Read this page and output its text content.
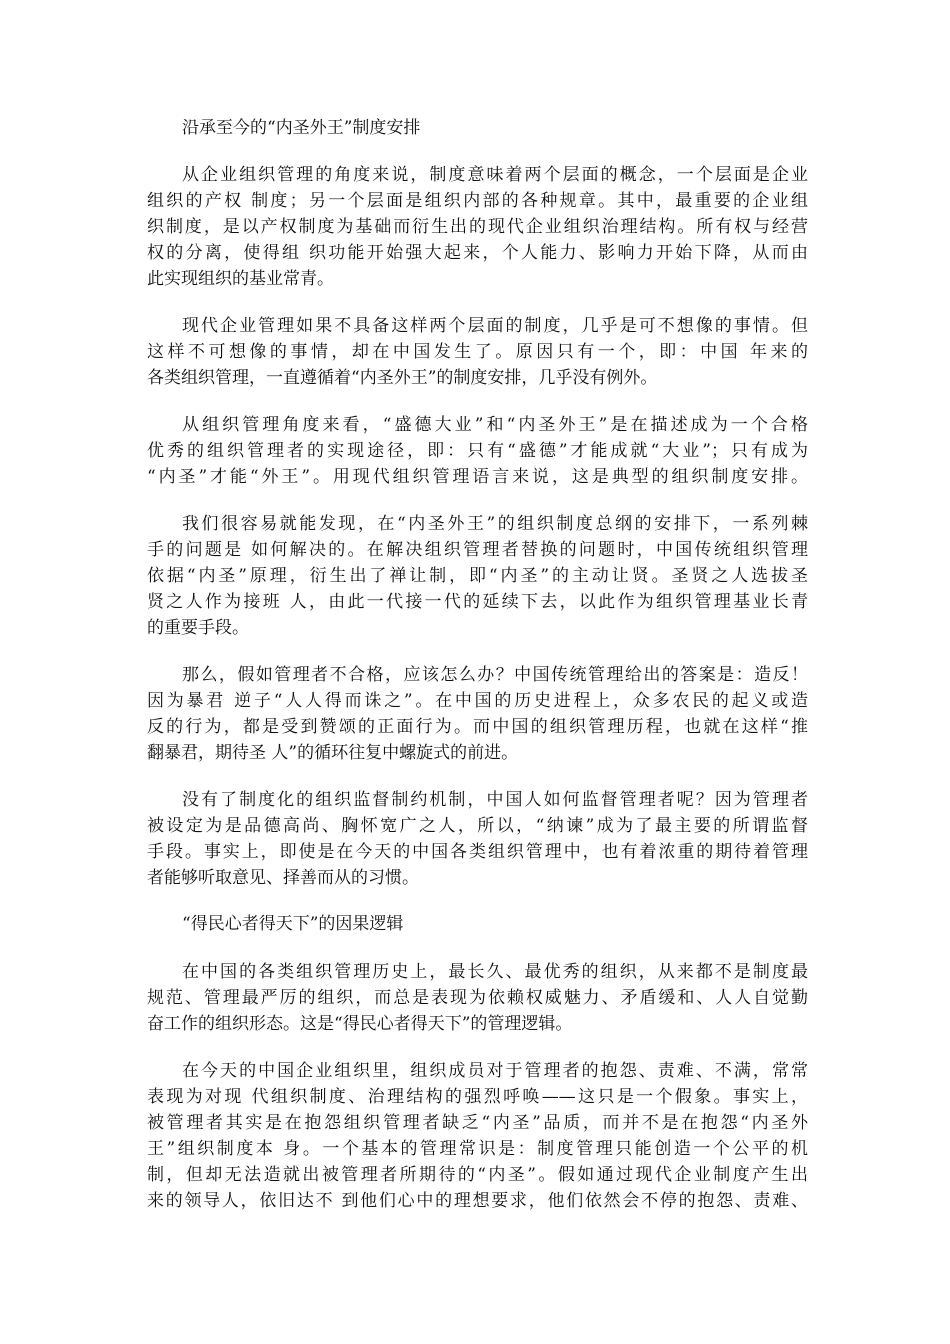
沿承至今的“内圣外王”制度安排
从企业组织管理的角度来说，制度意味着两个层面的概念，一个层面是企业
组织的产权 制度；另一个层面是组织内部的各种规章。其中，最重要的企业组
织制度，是以产权制度为基础而衍生出的现代企业组织治理结构。所有权与经营
权的分离，使得组 织功能开始强大起来，个人能力、影响力开始下降，从而由
此实现组织的基业常青。
现代企业管理如果不具备这样两个层面的制度，几乎是可不想像的事情。但
这样不可想像的事情，却在中国发生了。原因只有一个，即：中国 年来的
各类组织管理，一直遵循着“内圣外王”的制度安排，几乎没有例外。
从组织管理角度来看，“盛德大业”和“内圣外王”是在描述成为一个合格
优秀的组织管理者的实现途径，即：只有“盛德”才能成就“大业”；只有成为
“内圣”才能“外王”。用现代组织管理语言来说，这是典型的组织制度安排。
我们很容易就能发现，在“内圣外王”的组织制度总纲的安排下，一系列棘
手的问题是 如何解决的。在解决组织管理者替换的问题时，中国传统组织管理
依据“内圣”原理，衍生出了禅让制，即“内圣”的主动让贤。圣贤之人选拔圣
贤之人作为接班 人，由此一代接一代的延续下去，以此作为组织管理基业长青
的重要手段。
那么，假如管理者不合格，应该怎么办？中国传统管理给出的答案是：造反！
因为暴君 逆子“人人得而诛之”。在中国的历史进程上，众多农民的起义或造
反的行为，都是受到赞颂的正面行为。而中国的组织管理历程，也就在这样“推
翻暴君，期待圣 人”的循环往复中螺旋式的前进。
没有了制度化的组织监督制约机制，中国人如何监督管理者呢？因为管理者
被设定为是品德高尚、胸怀宽广之人，所以，“纳谏”成为了最主要的所谓监督
手段。事实上，即使是在今天的中国各类组织管理中，也有着浓重的期待着管理
者能够听取意见、择善而从的习惯。
“得民心者得天下”的因果逻辑
在中国的各类组织管理历史上，最长久、最优秀的组织，从来都不是制度最
规范、管理最严厉的组织，而总是表现为依赖权威魅力、矛盾缓和、人人自觉勤
奋工作的组织形态。这是“得民心者得天下”的管理逻辑。
在今天的中国企业组织里，组织成员对于管理者的抱怨、责难、不满，常常
表现为对现 代组织制度、治理结构的强烈呼唤——这只是一个假象。事实上，
被管理者其实是在抱怨组织管理者缺乏“内圣”品质，而并不是在抱怨“内圣外
王”组织制度本 身。一个基本的管理常识是：制度管理只能创造一个公平的机
制，但却无法造就出被管理者所期待的“内圣”。假如通过现代企业制度产生出
来的领导人，依旧达不 到他们心中的理想要求，他们依然会不停的抱怨、责难、
